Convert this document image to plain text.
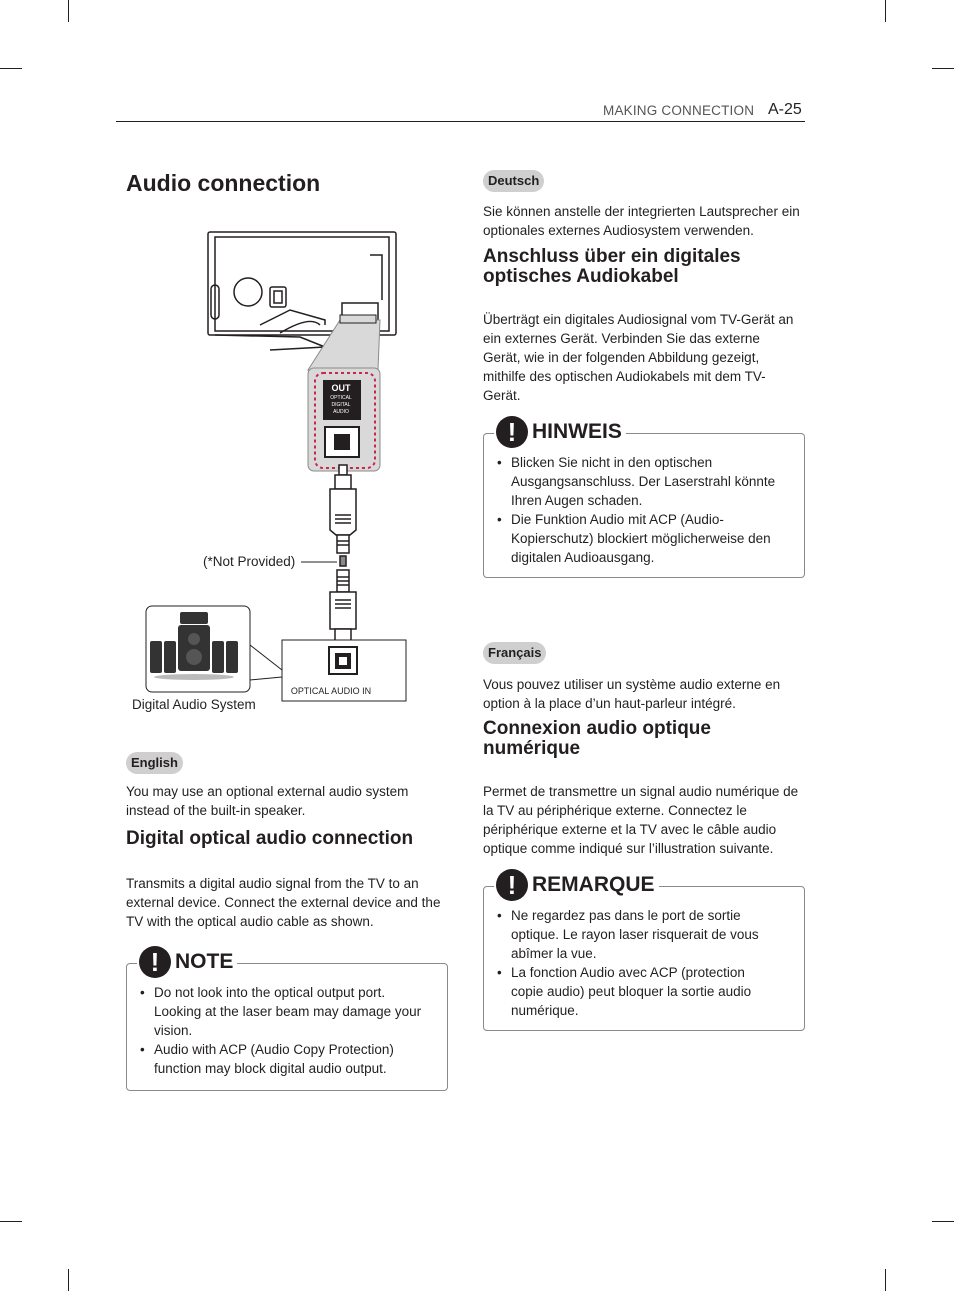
MAKING CONNECTION A-25
Audio connection
OUT
OPTICAL
DIGITAL
AUDIO
OPTICAL AUDIO IN
(*Not Provided)
Digital Audio System
English
You may use an optional external audio system instead of the built-in speaker.
Digital optical audio connection
Transmits a digital audio signal from the TV to an external device. Connect the external device and the TV with the optical audio cable as shown.
! NOTE
• Do not look into the optical output port. Looking at the laser beam may damage your vision.
• Audio with ACP (Audio Copy Protection) function may block digital audio output.
Deutsch
Sie können anstelle der integrierten Lautsprecher ein optionales externes Audiosystem verwenden.
Anschluss über ein digitales optisches Audiokabel
Überträgt ein digitales Audiosignal vom TV-Gerät an ein externes Gerät. Verbinden Sie das externe Gerät, wie in der folgenden Abbildung gezeigt, mithilfe des optischen Audiokabels mit dem TV-Gerät.
! HINWEIS
• Blicken Sie nicht in den optischen Ausgangsanschluss. Der Laserstrahl könnte Ihren Augen schaden.
• Die Funktion Audio mit ACP (Audio-Kopierschutz) blockiert möglicherweise den digitalen Audioausgang.
Français
Vous pouvez utiliser un système audio externe en option à la place d’un haut-parleur intégré.
Connexion audio optique numérique
Permet de transmettre un signal audio numérique de la TV au périphérique externe. Connectez le périphérique externe et la TV avec le câble audio optique comme indiqué sur l’illustration suivante.
! REMARQUE
• Ne regardez pas dans le port de sortie optique. Le rayon laser risquerait de vous abîmer la vue.
• La fonction Audio avec ACP (protection copie audio) peut bloquer la sortie audio numérique.
